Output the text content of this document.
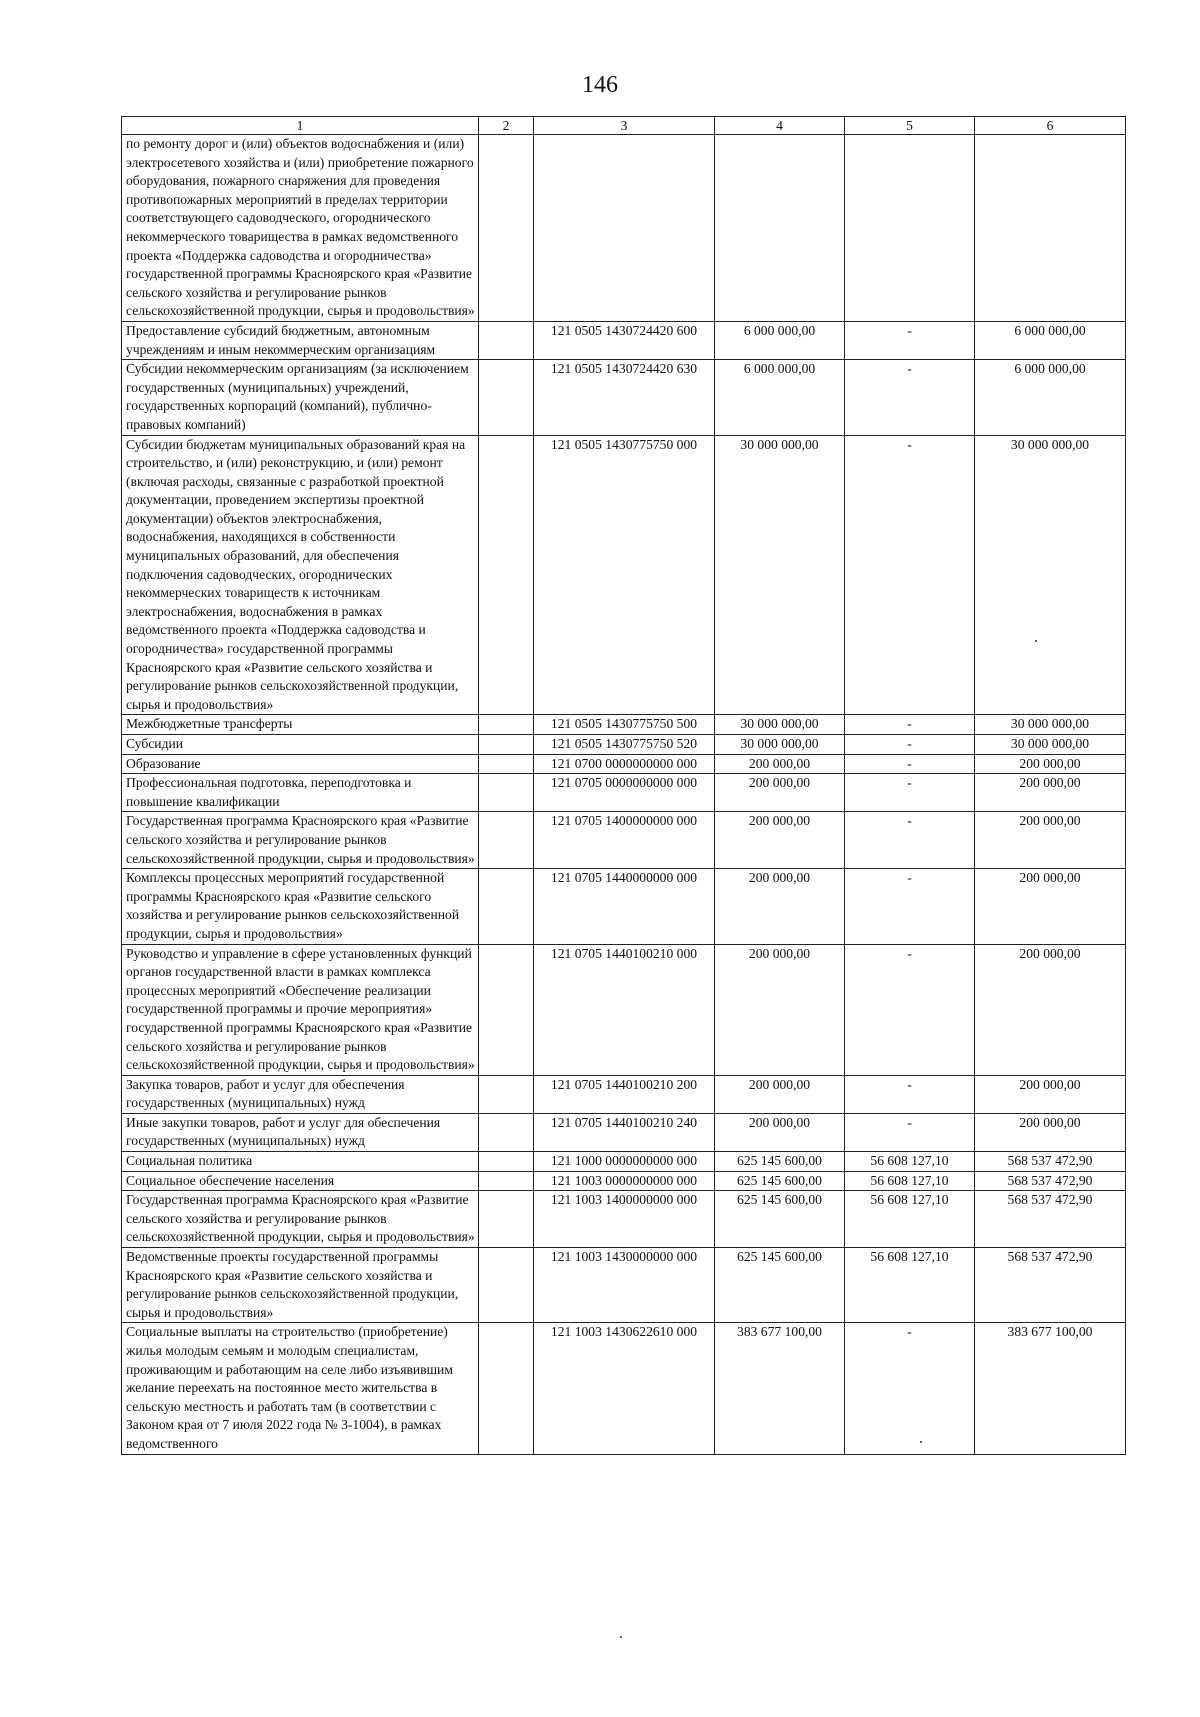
146
1	2	3	4	5	6
по ремонту дорог и (или) объектов водоснабжения и (или) электросетевого хозяйства и (или) приобретение пожарного оборудования, пожарного снаряжения для проведения противопожарных мероприятий в пределах территории соответствующего садоводческого, огороднического некоммерческого товарищества в рамках ведомственного проекта «Поддержка садоводства и огородничества» государственной программы Красноярского края «Развитие сельского хозяйства и регулирование рынков сельскохозяйственной продукции, сырья и продовольствия»					
Предоставление субсидий бюджетным, автономным учреждениям и иным некоммерческим организациям		121 0505 1430724420 600	6 000 000,00	-	6 000 000,00
Субсидии некоммерческим организациям (за исключением государственных (муниципальных) учреждений, государственных корпораций (компаний), публично-правовых компаний)		121 0505 1430724420 630	6 000 000,00	-	6 000 000,00
Субсидии бюджетам муниципальных образований края на строительство, и (или) реконструкцию, и (или) ремонт (включая расходы, связанные с разработкой проектной документации, проведением экспертизы проектной документации) объектов электроснабжения, водоснабжения, находящихся в собственности муниципальных образований, для обеспечения подключения садоводческих, огороднических некоммерческих товариществ к источникам электроснабжения, водоснабжения в рамках ведомственного проекта «Поддержка садоводства и огородничества» государственной программы Красноярского края «Развитие сельского хозяйства и регулирование рынков сельскохозяйственной продукции, сырья и продовольствия»		121 0505 1430775750 000	30 000 000,00	-	30 000 000,00
Межбюджетные трансферты		121 0505 1430775750 500	30 000 000,00	-	30 000 000,00
Субсидии		121 0505 1430775750 520	30 000 000,00	-	30 000 000,00
Образование		121 0700 0000000000 000	200 000,00	-	200 000,00
Профессиональная подготовка, переподготовка и повышение квалификации		121 0705 0000000000 000	200 000,00	-	200 000,00
Государственная программа Красноярского края «Развитие сельского хозяйства и регулирование рынков сельскохозяйственной продукции, сырья и продовольствия»		121 0705 1400000000 000	200 000,00	-	200 000,00
Комплексы процессных мероприятий государственной программы Красноярского края «Развитие сельского хозяйства и регулирование рынков сельскохозяйственной продукции, сырья и продовольствия»		121 0705 1440000000 000	200 000,00	-	200 000,00
Руководство и управление в сфере установленных функций органов государственной власти в рамках комплекса процессных мероприятий «Обеспечение реализации государственной программы и прочие мероприятия» государственной программы Красноярского края «Развитие сельского хозяйства и регулирование рынков сельскохозяйственной продукции, сырья и продовольствия»		121 0705 1440100210 000	200 000,00	-	200 000,00
Закупка товаров, работ и услуг для обеспечения государственных (муниципальных) нужд		121 0705 1440100210 200	200 000,00	-	200 000,00
Иные закупки товаров, работ и услуг для обеспечения государственных (муниципальных) нужд		121 0705 1440100210 240	200 000,00	-	200 000,00
Социальная политика		121 1000 0000000000 000	625 145 600,00	56 608 127,10	568 537 472,90
Социальное обеспечение населения		121 1003 0000000000 000	625 145 600,00	56 608 127,10	568 537 472,90
Государственная программа Красноярского края «Развитие сельского хозяйства и регулирование рынков сельскохозяйственной продукции, сырья и продовольствия»		121 1003 1400000000 000	625 145 600,00	56 608 127,10	568 537 472,90
Ведомственные проекты государственной программы Красноярского края «Развитие сельского хозяйства и регулирование рынков сельскохозяйственной продукции, сырья и продовольствия»		121 1003 1430000000 000	625 145 600,00	56 608 127,10	568 537 472,90
Социальные выплаты на строительство (приобретение) жилья молодым семьям и молодым специалистам, проживающим и работающим на селе либо изъявившим желание переехать на постоянное место жительства в сельскую местность и работать там (в соответствии с Законом края от 7 июля 2022 года № 3-1004), в рамках ведомственного		121 1003 1430622610 000	383 677 100,00	-	383 677 100,00
